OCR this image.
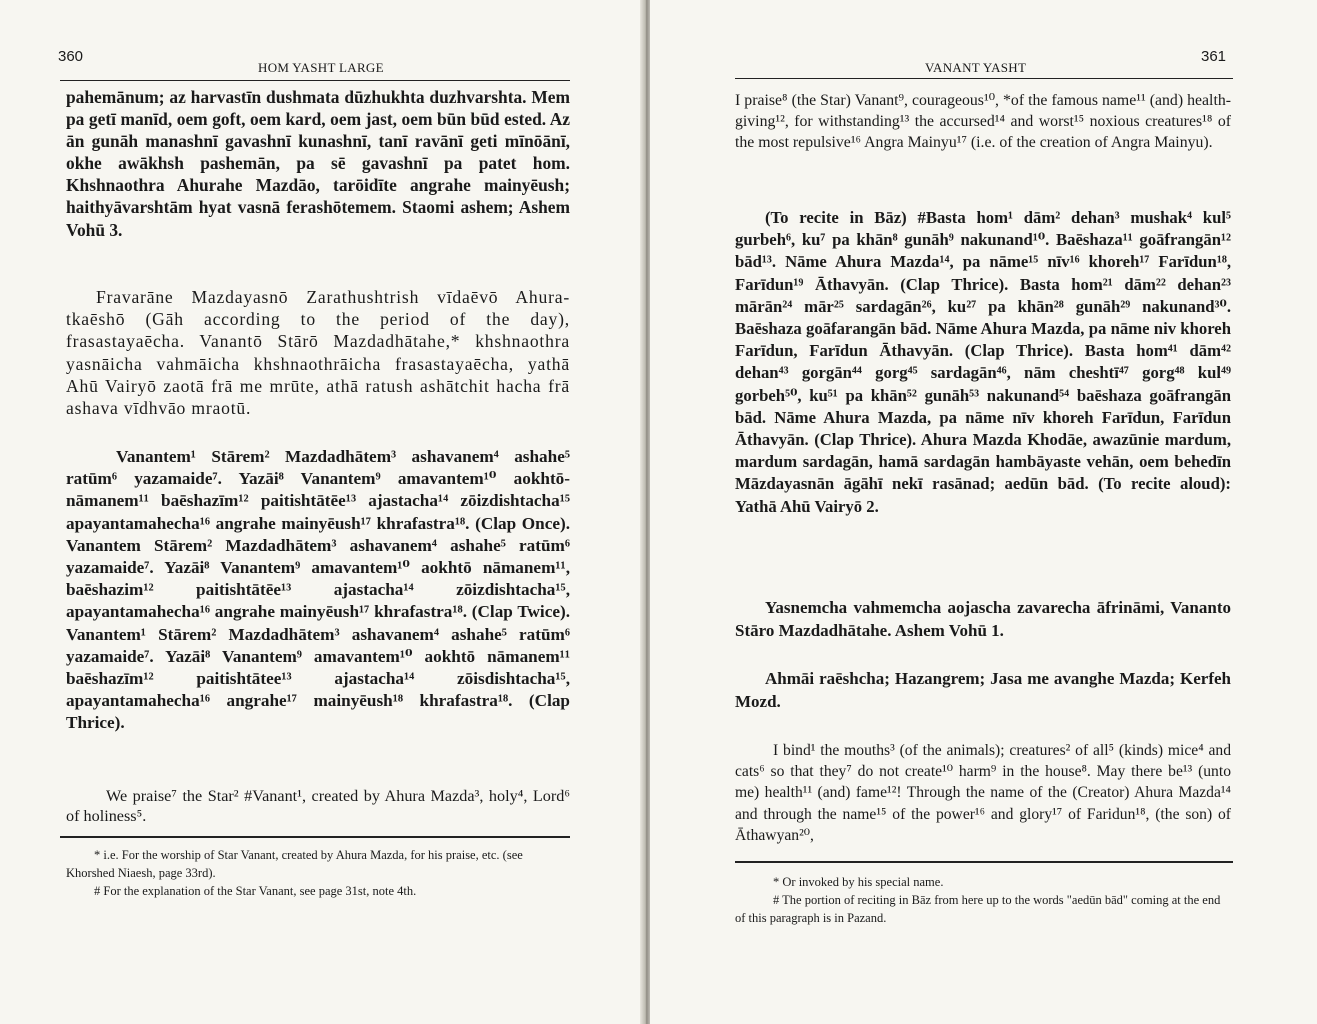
360
HOM YASHT LARGE

pahemānum; az harvastīn dushmata dūzhukhta duzhvarshta. Mem pa getī manīd, oem goft, oem kard, oem jast, oem būn būd ested. Az ān gunāh manashnī gavashnī kunashnī, tanī ravānī geti mīnōānī, okhe awākhsh pashemān, pa sē gavashnī pa patet hom. Khshnaothra Ahurahe Mazdāo, tarōidīte angrahe mainyēush; haithyāvarshtām hyat vasnā ferashōtemem. Staomi ashem; Ashem Vohū 3.

Fravarāne Mazdayasnō Zarathushtrish vīdaēvō Ahura-tkaēshō (Gāh according to the period of the day), frasastayaēcha. Vanantō Stārō Mazdadhātahe,* khshnaothra yasnāicha vahmāicha khshnaothrāicha frasastayaēcha, yathā Ahū Vairyō zaotā frā me mrūte, athā ratush ashātchit hacha frā ashava vīdhvāo mraotū.

Vanantem¹ Stārem² Mazdadhātem³ ashavanem⁴ ashahe⁵ ratūm⁶ yazamaide⁷. Yazāi⁸ Vanantem⁹ amavantem¹⁰ aokhtō-nāmanem¹¹ baēshazīm¹² paitishtātēe¹³ ajastacha¹⁴ zōizdishtacha¹⁵ apayantamahecha¹⁶ angrahe mainyēush¹⁷ khrafastra¹⁸. (Clap Once). Vanantem Stārem² Mazdadhātem³ ashavanem⁴ ashahe⁵ ratūm⁶ yazamaide⁷. Yazāi⁸ Vanantem⁹ amavantem¹⁰ aokhtō nāmanem¹¹, baēshazim¹² paitishtātēe¹³ ajastacha¹⁴ zōizdishtacha¹⁵, apayantamahecha¹⁶ angrahe mainyēush¹⁷ khrafastra¹⁸. (Clap Twice). Vanantem¹ Stārem² Mazdadhātem³ ashavanem⁴ ashahe⁵ ratūm⁶ yazamaide⁷. Yazāi⁸ Vanantem⁹ amavantem¹⁰ aokhtō nāmanem¹¹ baēshazīm¹² paitishtātee¹³ ajastacha¹⁴ zōisdishtacha¹⁵, apayantamahecha¹⁶ angrahe¹⁷ mainyēush¹⁸ khrafastra¹⁸. (Clap Thrice).

We praise⁷ the Star² #Vanant¹, created by Ahura Mazda³, holy⁴, Lord⁶ of holiness⁵.

* i.e. For the worship of Star Vanant, created by Ahura Mazda, for his praise, etc. (see Khorshed Niaesh, page 33rd).

# For the explanation of the Star Vanant, see page 31st, note 4th.

361
VANANT YASHT

I praise⁸ (the Star) Vanant⁹, courageous¹⁰, *of the famous name¹¹ (and) health-giving¹², for withstanding¹³ the accursed¹⁴ and worst¹⁵ noxious creatures¹⁸ of the most repulsive¹⁶ Angra Mainyu¹⁷ (i.e. of the creation of Angra Mainyu).

(To recite in Bāz) #Basta hom¹ dām² dehan³ mushak⁴ kul⁵ gurbeh⁶, ku⁷ pa khān⁸ gunāh⁹ nakunand¹⁰. Baēshaza¹¹ goāfrangān¹² bād¹³. Nāme Ahura Mazda¹⁴, pa nāme¹⁵ nīv¹⁶ khoreh¹⁷ Farīdun¹⁸, Farīdun¹⁹ Āthavyān. (Clap Thrice). Basta hom²¹ dām²² dehan²³ mārān²⁴ mār²⁵ sardagān²⁶, ku²⁷ pa khān²⁸ gunāh²⁹ nakunand³⁰. Baēshaza goāfarangān bād. Nāme Ahura Mazda, pa nāme niv khoreh Farīdun, Farīdun Āthavyān. (Clap Thrice). Basta hom⁴¹ dām⁴² dehan⁴³ gorgān⁴⁴ gorg⁴⁵ sardagān⁴⁶, nām cheshtī⁴⁷ gorg⁴⁸ kul⁴⁹ gorbeh⁵⁰, ku⁵¹ pa khān⁵² gunāh⁵³ nakunand⁵⁴ baēshaza goāfrangān bād. Nāme Ahura Mazda, pa nāme nīv khoreh Farīdun, Farīdun Āthavyān. (Clap Thrice). Ahura Mazda Khodāe, awazūnie mardum, mardum sardagān, hamā sardagān hambāyaste vehān, oem behedīn Māzdayasnān āgāhī nekī rasānad; aedūn bād. (To recite aloud): Yathā Ahū Vairyō 2.

Yasnemcha vahmemcha aojascha zavarecha āfrināmi, Vananto Stāro Mazdadhātahe. Ashem Vohū 1.

Ahmāi raēshcha; Hazangrem; Jasa me avanghe Mazda; Kerfeh Mozd.

I bind¹ the mouths³ (of the animals); creatures² of all⁵ (kinds) mice⁴ and cats⁶ so that they⁷ do not create¹⁰ harm⁹ in the house⁸. May there be¹³ (unto me) health¹¹ (and) fame¹²! Through the name of the (Creator) Ahura Mazda¹⁴ and through the name¹⁵ of the power¹⁶ and glory¹⁷ of Faridun¹⁸, (the son) of Āthawyan²⁰,

* Or invoked by his special name.

# The portion of reciting in Bāz from here up to the words "aedūn bād" coming at the end of this paragraph is in Pazand.
